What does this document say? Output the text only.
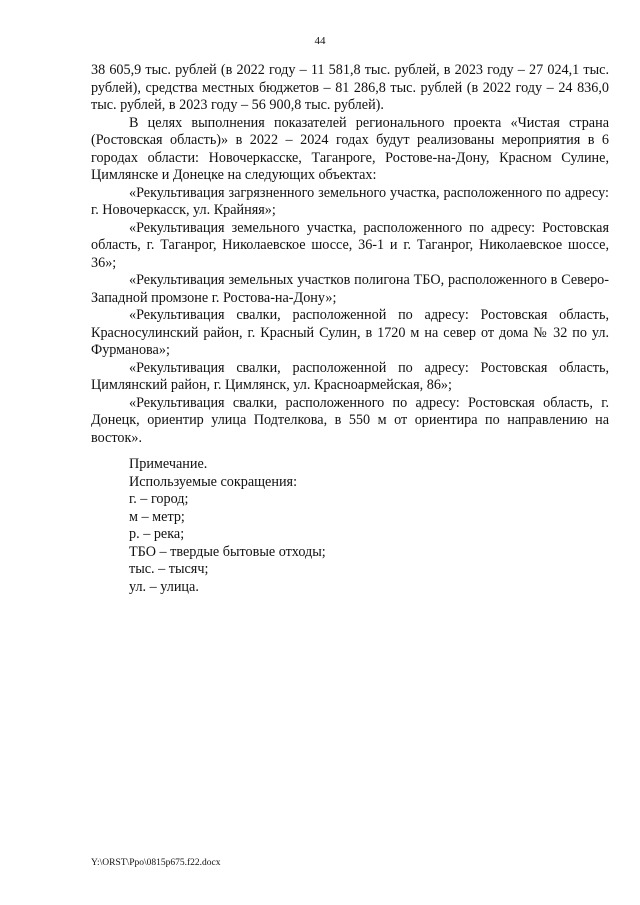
44

38 605,9 тыс. рублей (в 2022 году – 11 581,8 тыс. рублей, в 2023 году – 27 024,1 тыс. рублей), средства местных бюджетов – 81 286,8 тыс. рублей (в 2022 году – 24 836,0 тыс. рублей, в 2023 году – 56 900,8 тыс. рублей).

В целях выполнения показателей регионального проекта «Чистая страна (Ростовская область)» в 2022 – 2024 годах будут реализованы мероприятия в 6 городах области: Новочеркасске, Таганроге, Ростове-на-Дону, Красном Сулине, Цимлянске и Донецке на следующих объектах:

«Рекультивация загрязненного земельного участка, расположенного по адресу: г. Новочеркасск, ул. Крайняя»;

«Рекультивация земельного участка, расположенного по адресу: Ростовская область, г. Таганрог, Николаевское шоссе, 36-1 и г. Таганрог, Николаевское шоссе, 36»;

«Рекультивация земельных участков полигона ТБО, расположенного в Северо-Западной промзоне г. Ростова-на-Дону»;

«Рекультивация свалки, расположенной по адресу: Ростовская область, Красносулинский район, г. Красный Сулин, в 1720 м на север от дома № 32 по ул. Фурманова»;

«Рекультивация свалки, расположенной по адресу: Ростовская область, Цимлянский район, г. Цимлянск, ул. Красноармейская, 86»;

«Рекультивация свалки, расположенного по адресу: Ростовская область, г. Донецк, ориентир улица Подтелкова, в 550 м от ориентира по направлению на восток».

Примечание.

Используемые сокращения:

г. – город;

м – метр;

р. – река;

ТБО – твердые бытовые отходы;

тыс. – тысяч;

ул. – улица.

Y:\ORST\Ppo\0815p675.f22.docx
